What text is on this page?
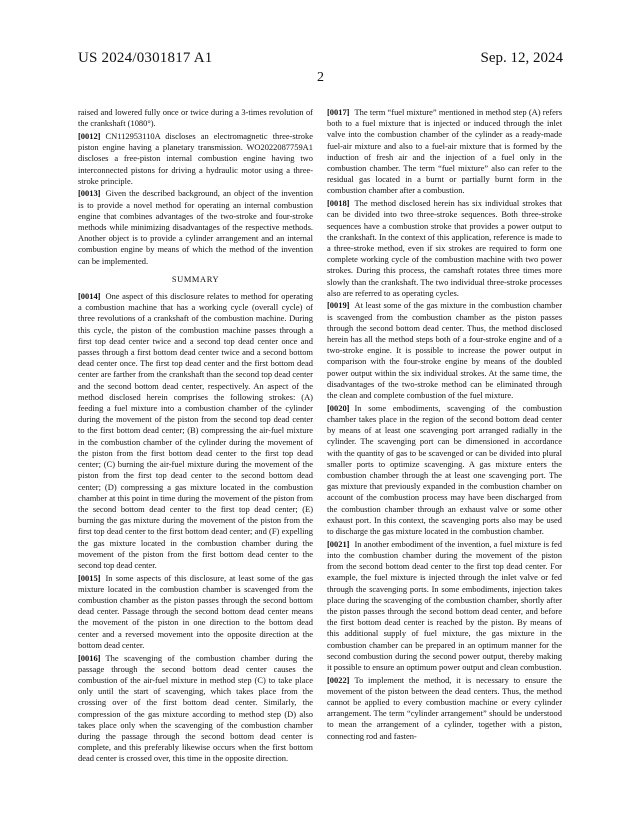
US 2024/0301817 A1	Sep. 12, 2024
2

raised and lowered fully once or twice during a 3-times revolution of the crankshaft (1080°).

[0012] CN112953110A discloses an electromagnetic three-stroke piston engine having a planetary transmission. WO2022087759A1 discloses a free-piston internal combustion engine having two interconnected pistons for driving a hydraulic motor using a three-stroke principle.

[0013] Given the described background, an object of the invention is to provide a novel method for operating an internal combustion engine that combines advantages of the two-stroke and four-stroke methods while minimizing disadvantages of the respective methods. Another object is to provide a cylinder arrangement and an internal combustion engine by means of which the method of the invention can be implemented.

SUMMARY

[0014] One aspect of this disclosure relates to method for operating a combustion machine that has a working cycle (overall cycle) of three revolutions of a crankshaft of the combustion machine. During this cycle, the piston of the combustion machine passes through a first top dead center twice and a second top dead center once and passes through a first bottom dead center twice and a second bottom dead center once. The first top dead center and the first bottom dead center are farther from the crankshaft than the second top dead center and the second bottom dead center, respectively. An aspect of the method disclosed herein comprises the following strokes: (A) feeding a fuel mixture into a combustion chamber of the cylinder during the movement of the piston from the second top dead center to the first bottom dead center; (B) compressing the air-fuel mixture in the combustion chamber of the cylinder during the movement of the piston from the first bottom dead center to the first top dead center; (C) burning the air-fuel mixture during the movement of the piston from the first top dead center to the second bottom dead center; (D) compressing a gas mixture located in the combustion chamber at this point in time during the movement of the piston from the second bottom dead center to the first top dead center; (E) burning the gas mixture during the movement of the piston from the first top dead center to the first bottom dead center; and (F) expelling the gas mixture located in the combustion chamber during the movement of the piston from the first bottom dead center to the second top dead center.

[0015] In some aspects of this disclosure, at least some of the gas mixture located in the combustion chamber is scavenged from the combustion chamber as the piston passes through the second bottom dead center. Passage through the second bottom dead center means the movement of the piston in one direction to the bottom dead center and a reversed movement into the opposite direction at the bottom dead center.

[0016] The scavenging of the combustion chamber during the passage through the second bottom dead center causes the combustion of the air-fuel mixture in method step (C) to take place only until the start of scavenging, which takes place from the crossing over of the first bottom dead center. Similarly, the compression of the gas mixture according to method step (D) also takes place only when the scavenging of the combustion chamber during the passage through the second bottom dead center is complete, and this preferably likewise occurs when the first bottom dead center is crossed over, this time in the opposite direction.

[0017] The term “fuel mixture” mentioned in method step (A) refers both to a fuel mixture that is injected or induced through the inlet valve into the combustion chamber of the cylinder as a ready-made fuel-air mixture and also to a fuel-air mixture that is formed by the induction of fresh air and the injection of a fuel only in the combustion chamber. The term “fuel mixture” also can refer to the residual gas located in a burnt or partially burnt form in the combustion chamber after a combustion.

[0018] The method disclosed herein has six individual strokes that can be divided into two three-stroke sequences. Both three-stroke sequences have a combustion stroke that provides a power output to the crankshaft. In the context of this application, reference is made to a three-stroke method, even if six strokes are required to form one complete working cycle of the combustion machine with two power strokes. During this process, the camshaft rotates three times more slowly than the crankshaft. The two individual three-stroke processes also are referred to as operating cycles.

[0019] At least some of the gas mixture in the combustion chamber is scavenged from the combustion chamber as the piston passes through the second bottom dead center. Thus, the method disclosed herein has all the method steps both of a four-stroke engine and of a two-stroke engine. It is possible to increase the power output in comparison with the four-stroke engine by means of the doubled power output within the six individual strokes. At the same time, the disadvantages of the two-stroke method can be eliminated through the clean and complete combustion of the fuel mixture.

[0020] In some embodiments, scavenging of the combustion chamber takes place in the region of the second bottom dead center by means of at least one scavenging port arranged radially in the cylinder. The scavenging port can be dimensioned in accordance with the quantity of gas to be scavenged or can be divided into plural smaller ports to optimize scavenging. A gas mixture enters the combustion chamber through the at least one scavenging port. The gas mixture that previously expanded in the combustion chamber on account of the combustion process may have been discharged from the combustion chamber through an exhaust valve or some other exhaust port. In this context, the scavenging ports also may be used to discharge the gas mixture located in the combustion chamber.

[0021] In another embodiment of the invention, a fuel mixture is fed into the combustion chamber during the movement of the piston from the second bottom dead center to the first top dead center. For example, the fuel mixture is injected through the inlet valve or fed through the scavenging ports. In some embodiments, injection takes place during the scavenging of the combustion chamber, shortly after the piston passes through the second bottom dead center, and before the first bottom dead center is reached by the piston. By means of this additional supply of fuel mixture, the gas mixture in the combustion chamber can be prepared in an optimum manner for the second combustion during the second power output, thereby making it possible to ensure an optimum power output and clean combustion.

[0022] To implement the method, it is necessary to ensure the movement of the piston between the dead centers. Thus, the method cannot be applied to every combustion machine or every cylinder arrangement. The term “cylinder arrangement” should be understood to mean the arrangement of a cylinder, together with a piston, connecting rod and fasten-
